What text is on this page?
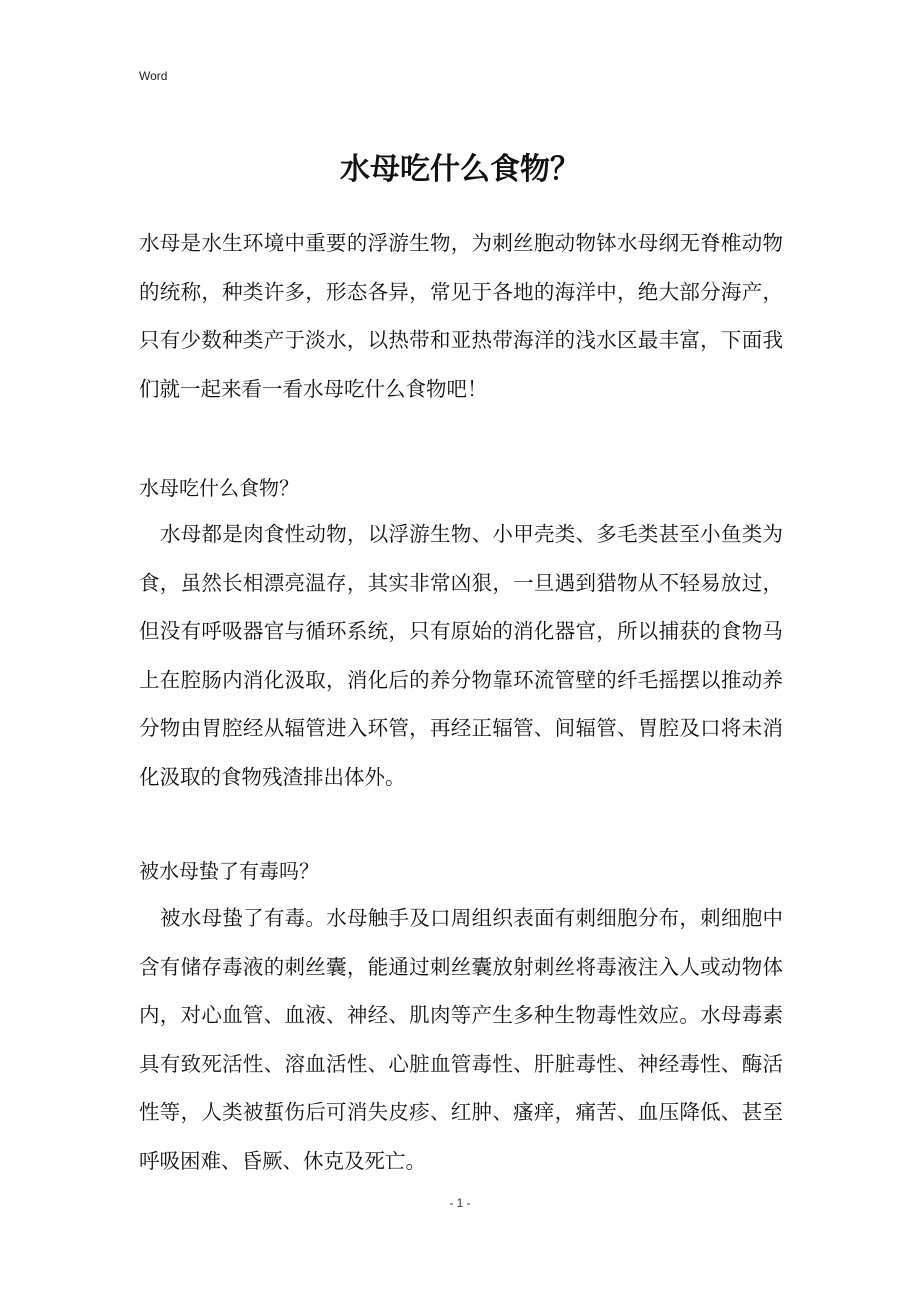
Word
水母吃什么食物？

水母是水生环境中重要的浮游生物，为刺丝胞动物钵水母纲无脊椎动物的统称，种类许多，形态各异，常见于各地的海洋中，绝大部分海产，只有少数种类产于淡水，以热带和亚热带海洋的浅水区最丰富，下面我们就一起来看一看水母吃什么食物吧！

水母吃什么食物？

水母都是肉食性动物，以浮游生物、小甲壳类、多毛类甚至小鱼类为食，虽然长相漂亮温存，其实非常凶狠，一旦遇到猎物从不轻易放过，但没有呼吸器官与循环系统，只有原始的消化器官，所以捕获的食物马上在腔肠内消化汲取，消化后的养分物靠环流管壁的纤毛摇摆以推动养分物由胃腔经从辐管进入环管，再经正辐管、间辐管、胃腔及口将未消化汲取的食物残渣排出体外。

被水母蛰了有毒吗？

被水母蛰了有毒。水母触手及口周组织表面有刺细胞分布，刺细胞中含有储存毒液的刺丝囊，能通过刺丝囊放射刺丝将毒液注入人或动物体内，对心血管、血液、神经、肌肉等产生多种生物毒性效应。水母毒素具有致死活性、溶血活性、心脏血管毒性、肝脏毒性、神经毒性、酶活性等，人类被蜇伤后可消失皮疹、红肿、瘙痒，痛苦、血压降低、甚至呼吸困难、昏厥、休克及死亡。

- 1 -
